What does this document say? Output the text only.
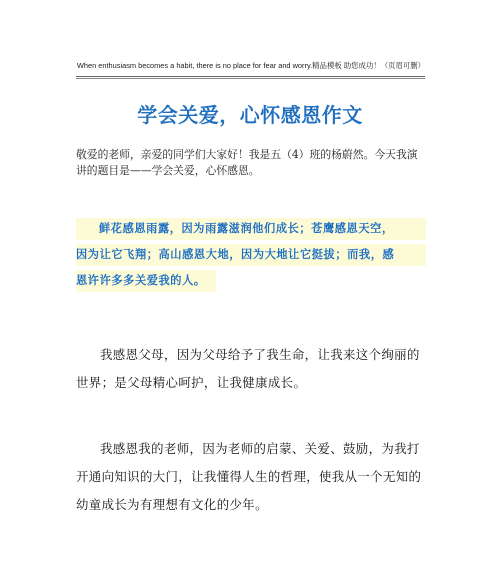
When enthusiasm becomes a habit, there is no place for fear and worry.精品模板 助您成功！（页眉可删）
学会关爱，心怀感恩作文
敬爱的老师，亲爱的同学们大家好！我是五（4）班的杨蔚然。今天我演讲的题目是——学会关爱，心怀感恩。
鲜花感恩雨露，因为雨露滋润他们成长；苍鹰感恩天空，
因为让它飞翔；高山感恩大地，因为大地让它挺拔；而我，感
恩许许多多关爱我的人。
我感恩父母，因为父母给予了我生命，让我来这个绚丽的世界；是父母精心呵护，让我健康成长。
我感恩我的老师，因为老师的启蒙、关爱、鼓励，为我打开通向知识的大门，让我懂得人生的哲理，使我从一个无知的幼童成长为有理想有文化的少年。
